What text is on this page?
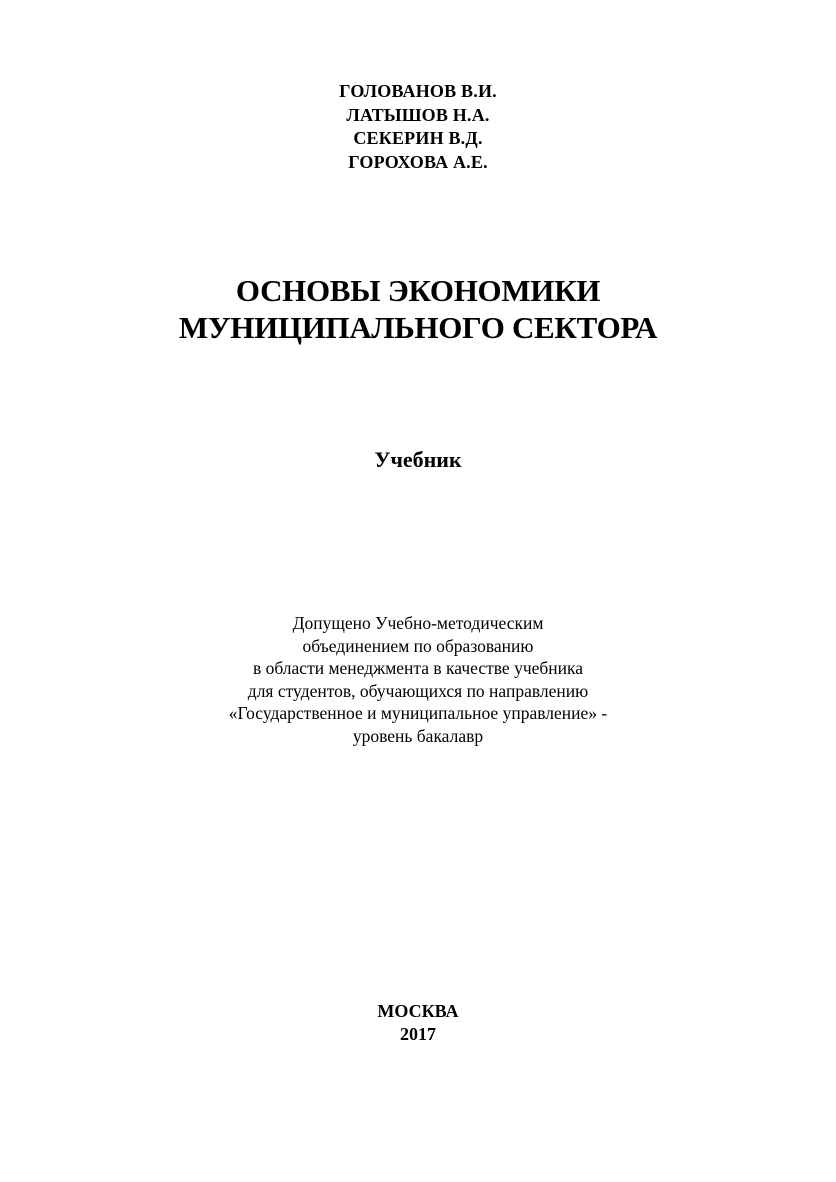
ГОЛОВАНОВ В.И.
ЛАТЫШОВ Н.А.
СЕКЕРИН В.Д.
ГОРОХОВА А.Е.
ОСНОВЫ ЭКОНОМИКИ
МУНИЦИПАЛЬНОГО СЕКТОРА
Учебник
Допущено Учебно-методическим
объединением по образованию
в области менеджмента в качестве учебника
для студентов, обучающихся по направлению
«Государственное и муниципальное управление» -
уровень бакалавр
МОСКВА
2017
